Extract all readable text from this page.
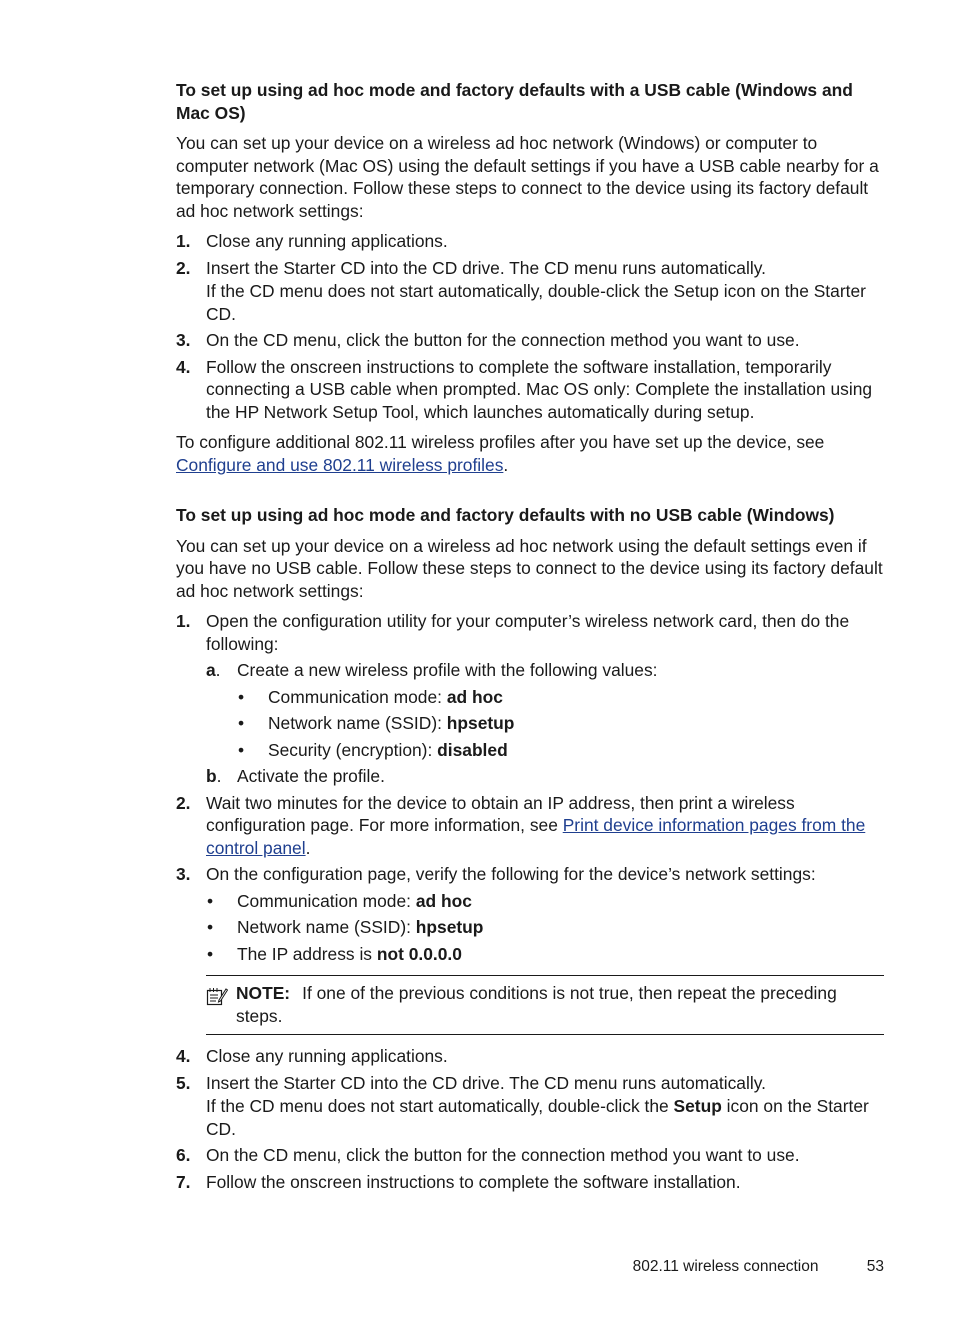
To set up using ad hoc mode and factory defaults with a USB cable (Windows and Mac OS)

You can set up your device on a wireless ad hoc network (Windows) or computer to computer network (Mac OS) using the default settings if you have a USB cable nearby for a temporary connection. Follow these steps to connect to the device using its factory default ad hoc network settings:

1. Close any running applications.
2. Insert the Starter CD into the CD drive. The CD menu runs automatically.

If the CD menu does not start automatically, double-click the Setup icon on the Starter CD.

3. On the CD menu, click the button for the connection method you want to use.
4. Follow the onscreen instructions to complete the software installation, temporarily connecting a USB cable when prompted. Mac OS only: Complete the installation using the HP Network Setup Tool, which launches automatically during setup.

To configure additional 802.11 wireless profiles after you have set up the device, see Configure and use 802.11 wireless profiles.

To set up using ad hoc mode and factory defaults with no USB cable (Windows)

You can set up your device on a wireless ad hoc network using the default settings even if you have no USB cable. Follow these steps to connect to the device using its factory default ad hoc network settings:

1. Open the configuration utility for your computer’s wireless network card, then do the following:
a. Create a new wireless profile with the following values:
• Communication mode: ad hoc
• Network name (SSID): hpsetup
• Security (encryption): disabled
b. Activate the profile.
2. Wait two minutes for the device to obtain an IP address, then print a wireless configuration page. For more information, see Print device information pages from the control panel.
3. On the configuration page, verify the following for the device’s network settings:
• Communication mode: ad hoc
• Network name (SSID): hpsetup
• The IP address is not 0.0.0.0
NOTE: If one of the previous conditions is not true, then repeat the preceding steps.
4. Close any running applications.
5. Insert the Starter CD into the CD drive. The CD menu runs automatically.

If the CD menu does not start automatically, double-click the Setup icon on the Starter CD.

6. On the CD menu, click the button for the connection method you want to use.
7. Follow the onscreen instructions to complete the software installation.
802.11 wireless connection	53
